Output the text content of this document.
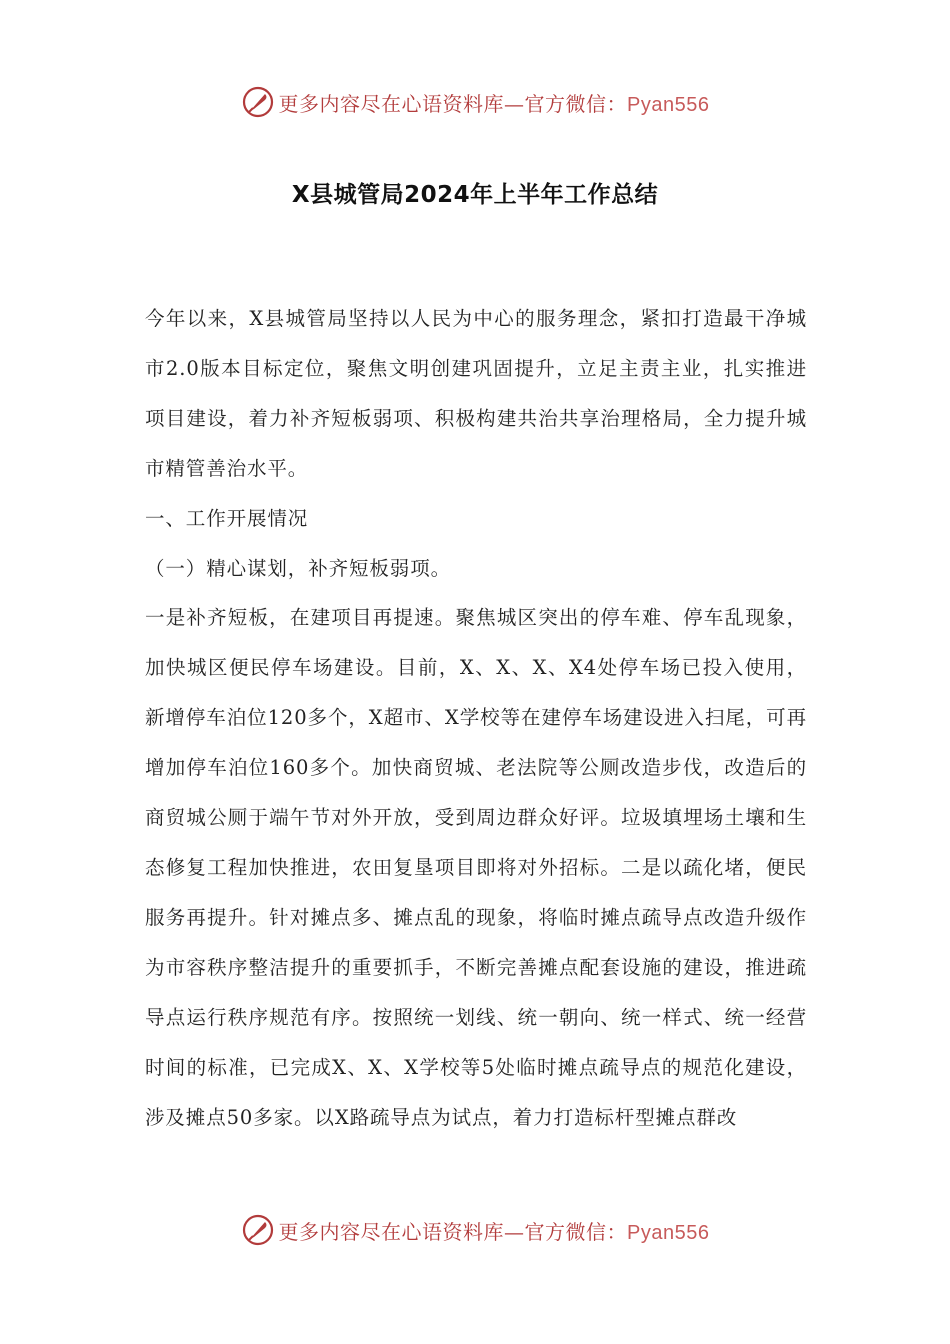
更多内容尽在心语资料库—官方微信：Pyan556
X县城管局2024年上半年工作总结

今年以来，X县城管局坚持以人民为中心的服务理念，紧扣打造最干净城市2.0版本目标定位，聚焦文明创建巩固提升，立足主责主业，扎实推进项目建设，着力补齐短板弱项、积极构建共治共享治理格局，全力提升城市精管善治水平。

一、工作开展情况

（一）精心谋划，补齐短板弱项。

一是补齐短板，在建项目再提速。聚焦城区突出的停车难、停车乱现象，加快城区便民停车场建设。目前，X、X、X、X4处停车场已投入使用，新增停车泊位120多个，X超市、X学校等在建停车场建设进入扫尾，可再增加停车泊位160多个。加快商贸城、老法院等公厕改造步伐，改造后的商贸城公厕于端午节对外开放，受到周边群众好评。垃圾填埋场土壤和生态修复工程加快推进，农田复垦项目即将对外招标。二是以疏化堵，便民服务再提升。针对摊点多、摊点乱的现象，将临时摊点疏导点改造升级作为市容秩序整洁提升的重要抓手，不断完善摊点配套设施的建设，推进疏导点运行秩序规范有序。按照统一划线、统一朝向、统一样式、统一经营时间的标准，已完成X、X、X学校等5处临时摊点疏导点的规范化建设，涉及摊点50多家。以X路疏导点为试点，着力打造标杆型摊点群改

更多内容尽在心语资料库—官方微信：Pyan556
